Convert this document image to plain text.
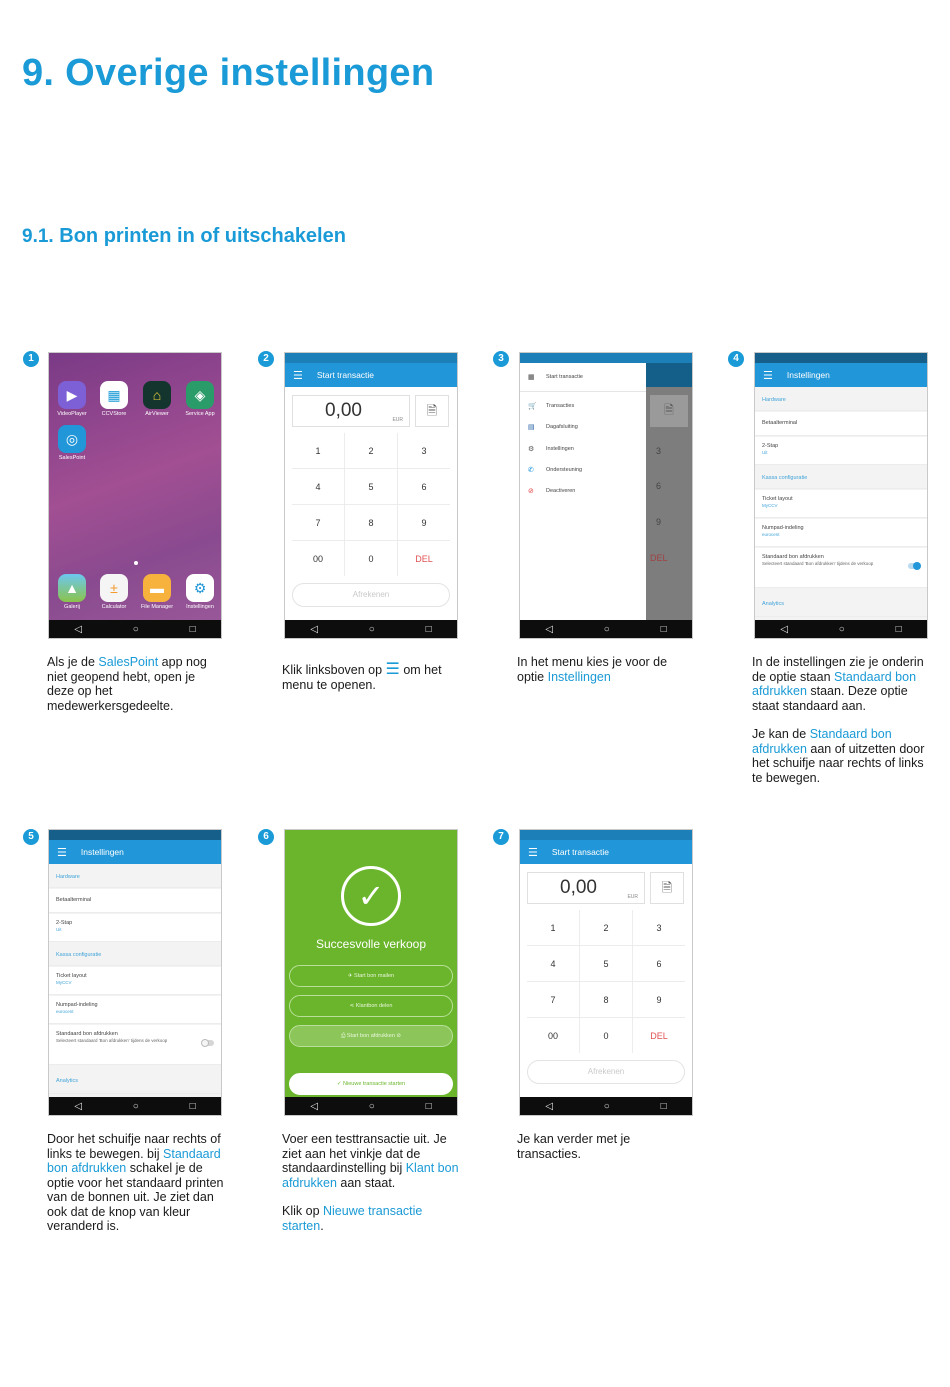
9. Overige instellingen
9.1. Bon printen in of uitschakelen
1
▶
VideoPlayer
▦
CCVStore
⌂
AirViewer
◈
Service App
◎
SalesPoint
▲
Galerij
±
Calculator
▬
File Manager
⚙
Instellingen
◁	○	□
Als je de SalesPoint app nog niet geopend hebt, open je deze op het medewerkersgedeelte.
2
☰ Start transactie
0,00	EUR
🗎
1	2	3
4	5	6
7	8	9
00	0	DEL
Afrekenen
◁	○	□
Klik linksboven op ☰ om het menu te openen.
3
🗎
3
6
9
DEL
▦	Start transactie
🛒 Transacties
▤	Dagafsluiting
⚙	Instellingen
✆	Ondersteuning
⊘	Deactiveren
◁	○	□
In het menu kies je voor de optie Instellingen
4
☰ Instellingen
Hardware
Betaalterminal
2-Stap
Uit
Kassa configuratie
Ticket layout
MyCCV
Numpad-indeling
eurocent
Standaard bon afdrukken
Selecteert standaard 'Bon afdrukken' tijdens de verkoop
Analytics
◁	○	□

In de instellingen zie je onderin de optie staan Standaard bon afdrukken staan. Deze optie staat standaard aan.

Je kan de Standaard bon afdrukken aan of uitzetten door het schuifje naar rechts of links te bewegen.

5
☰ Instellingen
Hardware
Betaalterminal
2-Stap
Uit
Kassa configuratie
Ticket layout
MyCCV
Numpad-indeling
eurocent
Standaard bon afdrukken
Selecteert standaard 'Bon afdrukken' tijdens de verkoop
Analytics
◁	○	□
Door het schuifje naar rechts of links te bewegen. bij Standaard bon afdrukken schakel je de optie voor het standaard printen van de bonnen uit. Je ziet dan ook dat de knop van kleur veranderd is.
6
✓
Succesvolle verkoop
✈ Start bon mailen
⋖ Klantbon delen
⎙ Start bon afdrukken ⊘
✓ Nieuwe transactie starten
◁	○	□

Voer een testtransactie uit. Je ziet aan het vinkje dat de standaardinstelling bij Klant bon afdrukken aan staat.

Klik op Nieuwe transactie starten.

7
☰ Start transactie
0,00	EUR
🗎
1	2	3
4	5	6
7	8	9
00	0	DEL
Afrekenen
◁	○	□
Je kan verder met je transacties.
